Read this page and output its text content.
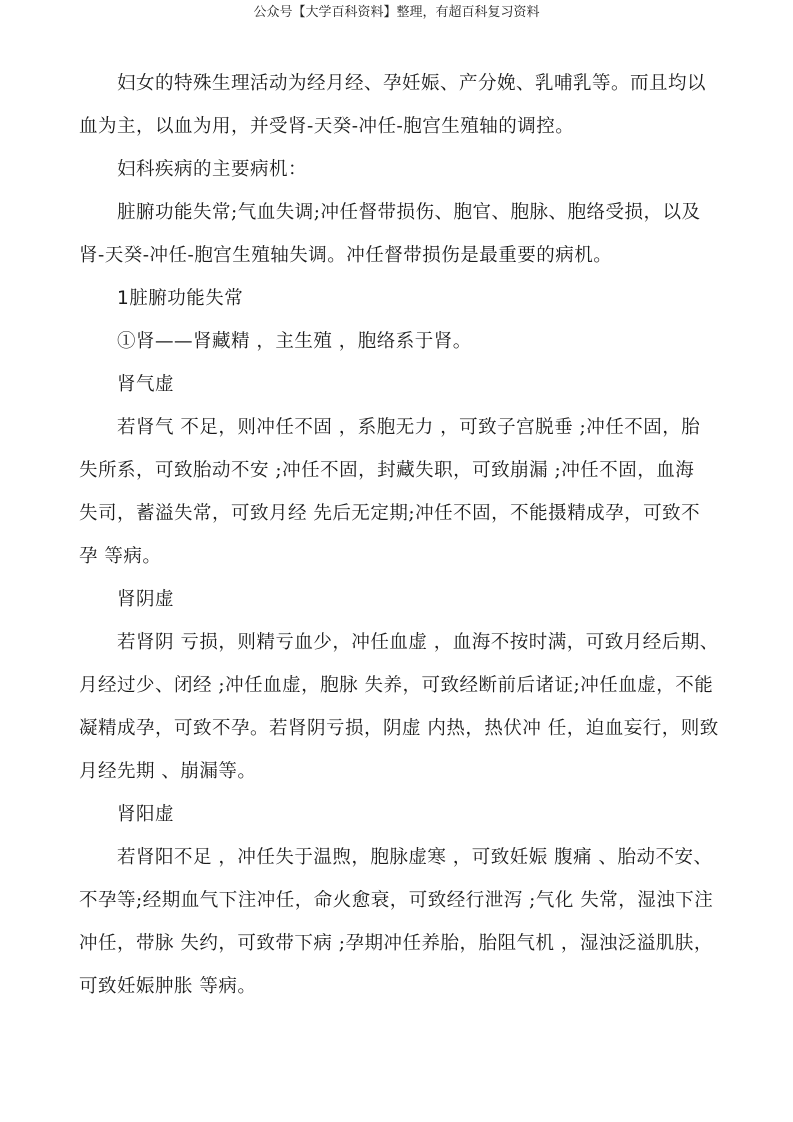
公众号【大学百科资料】整理，有超百科复习资料

妇女的特殊生理活动为经月经、孕妊娠、产分娩、乳哺乳等。而且均以血为主，以血为用，并受肾-天癸-冲任-胞宫生殖轴的调控。

妇科疾病的主要病机：

脏腑功能失常;气血失调;冲任督带损伤、胞官、胞脉、胞络受损，以及肾-天癸-冲任-胞宫生殖轴失调。冲任督带损伤是最重要的病机。

1脏腑功能失常

①肾——肾藏精 ，主生殖 ，胞络系于肾。

肾气虚

若肾气 不足，则冲任不固 ，系胞无力 ，可致子宫脱垂 ;冲任不固，胎失所系，可致胎动不安 ;冲任不固，封藏失职，可致崩漏 ;冲任不固，血海 失司，蓄溢失常，可致月经 先后无定期;冲任不固，不能摄精成孕，可致不孕 等病。

肾阴虚

若肾阴 亏损，则精亏血少，冲任血虚 ，血海不按时满，可致月经后期、月经过少、闭经 ;冲任血虚，胞脉 失养，可致经断前后诸证;冲任血虚，不能凝精成孕，可致不孕。若肾阴亏损，阴虚 内热，热伏冲 任，迫血妄行，则致月经先期 、崩漏等。

肾阳虚

若肾阳不足 ，冲任失于温煦，胞脉虚寒 ，可致妊娠 腹痛 、胎动不安、不孕等;经期血气下注冲任，命火愈衰，可致经行泄泻 ;气化 失常，湿浊下注冲任，带脉 失约，可致带下病 ;孕期冲任养胎，胎阻气机 ，湿浊泛溢肌肤，可致妊娠肿胀 等病。
